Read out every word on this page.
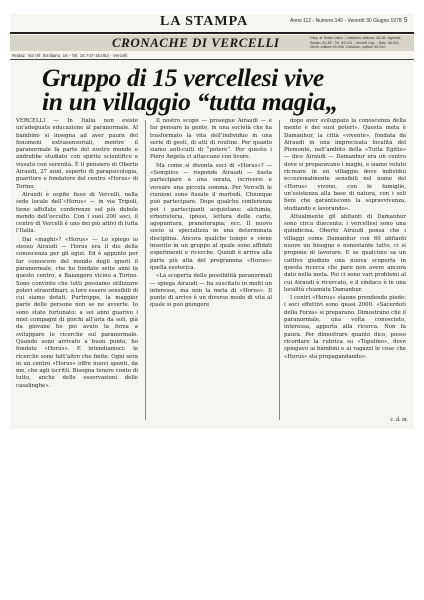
LA STAMPA	Anno 112 - Numero 140 - Venerdì 30 Giugno 1978 5
CRONACHE DI VERCELLI	Cinq. al Teatro civico - Cattaneo, Alisone, 81-82. Agenzia, Sedan, 81-83 - Tel. 82/123 - Vercelli Cap. - Ediz. 46-501. Dirett. editore 40-996. Cattaneo, editore 40-510
Redaz. Via Vif. Emiliano, 16 - Tel. 16.747-16.063 - Vercelli
Gruppo di 15 vercellesi vive
in un villaggio “tutta magia„

VERCELLI — In Italia non esiste un’adeguata educazione al paranormale. Al bambino si insegna ad aver paura dei fenomeni extrasensoriali, mentre il paranormale fa parte del nostro mondo e andrebbe studiato con spirito scientifico e vissuto con serenità. È il pensiero di Oberto Airaudi, 27 anni, esperto di parapsicologia, guaritore e fondatore del centro «Horus» di Torino.

Airaudi è ospite fisso di Vercelli, nella sede locale dell’«Horus» — in via Tripoli, tiene affollate conferenze sul più debole mondo dell’occulto. Con i suoi 200 soci, il centro di Vercelli è uno dei più attivi di tutta l’Italia.

Dai «maghi»? «Horus» — Lo spiego io stesso Airaudi — Horus era il dio della conoscenza per gli egizi. Ed è appunto per far conoscere del mondo degli ignoti il paranormale, che ho fondato sette anni fa questo centro, a Baiangero vicino a Torino. Sono convinto che tutti possiamo utilizzare poteri straordinari, a loro essere sensibili di cui siamo dotati. Purtroppo, la maggior parte delle persone non se ne avverte. Io sono stato fortunato: a sei anni guarivo i miei compagni di giochi all’aria da soli, già da giovane ho poi avuto la forza a sviluppare le ricerche sul paranormale. Quando sono arrivato a buon punto, ho fondato «Horus». E intendiamoci: le ricerche sono tutt’altro che finite. Ogni sera in un centro «Horus» offre nuovi spunti, da me, che agli iscritti. Bisogna tenere conto di tutto, anche delle osservazioni delle casalinghe».

Il nostro scopo — prosegue Airaudi — è far pensare la gente, in una società che ha trasformato la vita dell’individuo in una serie di gesti, di atti di routine. Per quanto siamo anti-culti di “potere”. Per questo i Piero Angela ci attaccano con livore.

Ma come si diventa soci di «Horus»? — «Semplice — risponde Airaudi — basta partecipare a una serata, iscriversi e versare una piccola somma. Per Vercelli le riunioni sono fissate il martedì. Chiunque può partecipare. Dopo qualche conferenza poi i partecipanti acquistano: alchimia, erboristeria, ipnosi, lettura delle carte, agopuntura, pranoterapia; ecc. Il nuovo socio si specializza in una determinata disciplina. Ancora qualche tempo e viene inserito in un gruppo al quale sono affidati esperimenti e ricerche. Quindi è arriva alla parte più alta del programma «Horus»: quella esoterica.

«La scoperta delle possibilità paranormali — spiega Airaudi — ha suscitato in molti un interesse, ma non la meta di «Horus». Il punto di arrivo è un diverso modo di vita al quale si può giungere

dopo aver sviluppato la conoscenza della mente e dei suoi poteri». Questa meta è Damanhur, la città «vivente», fondata da Airaudi in una imprecisata località del Piemonte, nell’ambito della «Tutta Egitto» — dice Airaudi — Damanhur era un centro dove si preparavano i maghi, e siamo voluto ricreare in un villaggio dove individui eccezionalmente sensibili nel nome del «Horus» vivono, con le famiglie, un’esistenza alla base di natura, con i soli beni che garantiscono la sopravvivenza, studiando e lavorando».

Attualmente gli abitanti di Damanhur sono circa duecento; i vercellesi sono una quindicina. Oberto Airaudi pensa che i villaggi come Damanhur con 60 abitanti nuove un bisogno e nonostante tutto, ci si propone di lavorare. E se qualcuno sa un cattivo giudizio una nuova scoperta in questa ricerca che pare non avere ancora dato nella meta. Poi ci sono vari problemi al cui Airaudi è ricercato, e il sindaco è in una località chiamata Damanhur.

I centri «Horus» stanno prendendo piede: i soci effettivi sono quasi 2000. «Sacerdoti della Forza» si preparano. Dimostrano che il paranormale, una volta conosciuto, interessa, apporta alla ricerca. Non fa paura. Per dimostrare quanto dico, posso ricordare la rubrica su «Topolino», dove spiegavo ai bambini e ai ragazzi le cose che «Horus» sta propagandando».

c. d. m.
